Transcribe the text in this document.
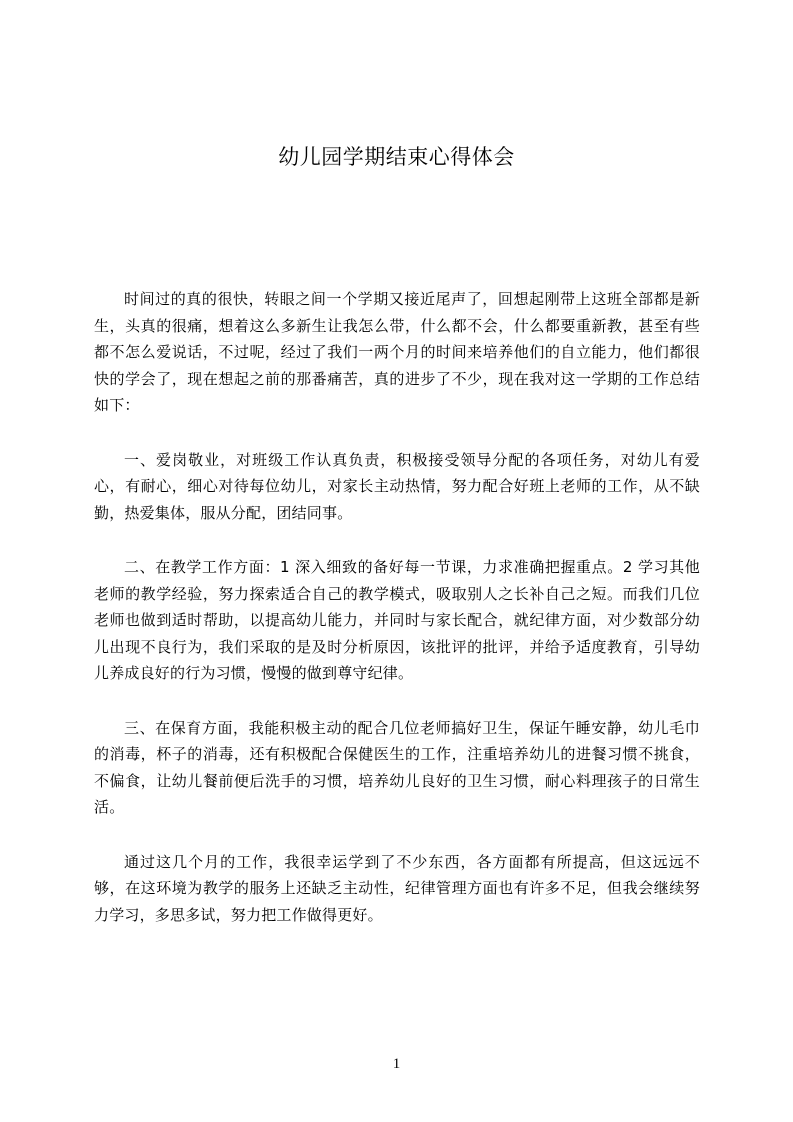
幼儿园学期结束心得体会

时间过的真的很快，转眼之间一个学期又接近尾声了，回想起刚带上这班全部都是新生，头真的很痛，想着这么多新生让我怎么带，什么都不会，什么都要重新教，甚至有些都不怎么爱说话，不过呢，经过了我们一两个月的时间来培养他们的自立能力，他们都很快的学会了，现在想起之前的那番痛苦，真的进步了不少，现在我对这一学期的工作总结如下：

一、爱岗敬业，对班级工作认真负责，积极接受领导分配的各项任务，对幼儿有爱心，有耐心，细心对待每位幼儿，对家长主动热情，努力配合好班上老师的工作，从不缺勤，热爱集体，服从分配，团结同事。

二、在教学工作方面：1 深入细致的备好每一节课，力求准确把握重点。2 学习其他老师的教学经验，努力探索适合自己的教学模式，吸取别人之长补自己之短。而我们几位老师也做到适时帮助，以提高幼儿能力，并同时与家长配合，就纪律方面，对少数部分幼儿出现不良行为，我们采取的是及时分析原因，该批评的批评，并给予适度教育，引导幼儿养成良好的行为习惯，慢慢的做到尊守纪律。

三、在保育方面，我能积极主动的配合几位老师搞好卫生，保证午睡安静，幼儿毛巾的消毒，杯子的消毒，还有积极配合保健医生的工作，注重培养幼儿的进餐习惯不挑食，不偏食，让幼儿餐前便后洗手的习惯，培养幼儿良好的卫生习惯，耐心料理孩子的日常生活。

通过这几个月的工作，我很幸运学到了不少东西，各方面都有所提高，但这远远不够，在这环境为教学的服务上还缺乏主动性，纪律管理方面也有许多不足，但我会继续努力学习，多思多试，努力把工作做得更好。

1
